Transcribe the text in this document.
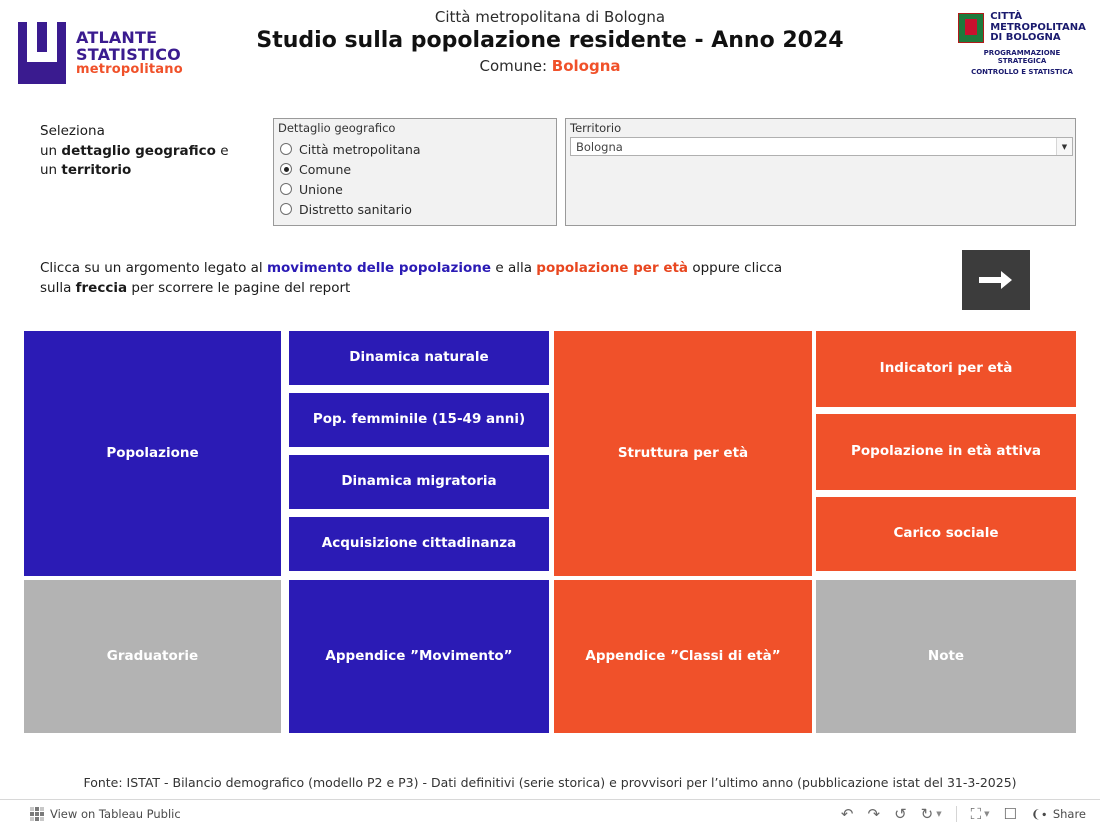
ATLANTE
STATISTICO
metropolitano
Città metropolitana di Bologna
Studio sulla popolazione residente - Anno 2024
Comune: Bologna
CITTÀ
METROPOLITANA
DI BOLOGNA
PROGRAMMAZIONE STRATEGICA
CONTROLLO E STATISTICA
Seleziona
un dettaglio geografico e
un territorio
Dettaglio geografico
Città metropolitana
Comune
Unione
Distretto sanitario
Territorio
Bologna	▼
Clicca su un argomento legato al movimento delle popolazione e alla popolazione per età oppure clicca sulla freccia per scorrere le pagine del report
Popolazione
Dinamica naturale
Pop. femminile (15-49 anni)
Dinamica migratoria
Acquisizione cittadinanza
Struttura per età
Indicatori per età
Popolazione in età attiva
Carico sociale
Graduatorie	Appendice ”Movimento”	Appendice ”Classi di età”	Note
Fonte: ISTAT - Bilancio demografico (modello P2 e P3) - Dati definitivi (serie storica) e provvisori per l’ultimo anno (pubblicazione istat del 31-3-2025)
View on Tableau Public	↶ ↷ ↺ ↻ ▼ ⛶ ▼ ☐ ❨∙ Share
